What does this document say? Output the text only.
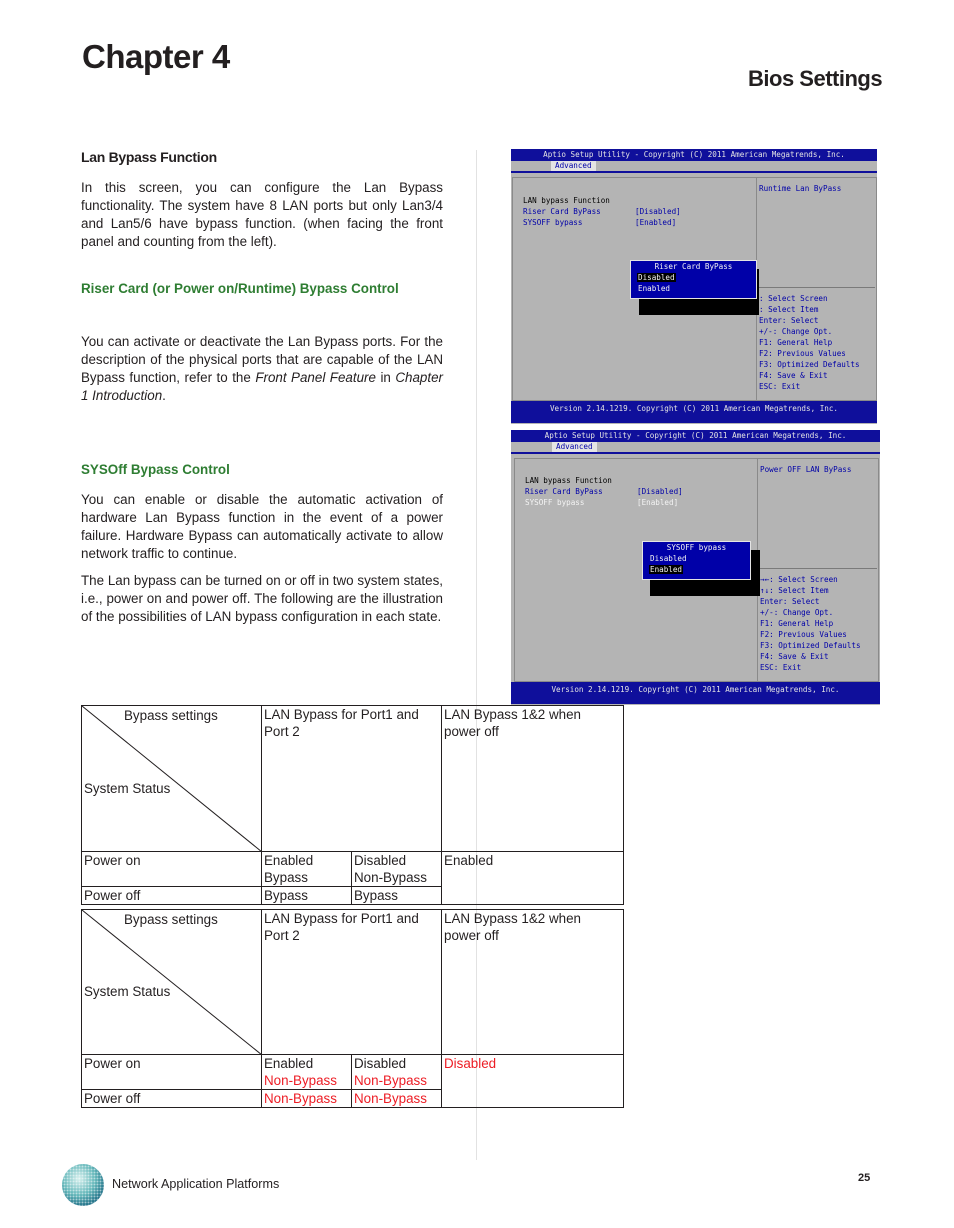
Chapter 4
Bios Settings
Lan Bypass Function
In this screen, you can configure the Lan Bypass functionality. The system have 8 LAN ports but only Lan3/4 and Lan5/6 have bypass function. (when facing the front panel and counting from the left).
Riser Card (or Power on/Runtime) Bypass Control
You can activate or deactivate the Lan Bypass ports. For the description of the physical ports that are capable of the LAN Bypass function, refer to the Front Panel Feature in Chapter 1 Introduction.
SYSOff Bypass Control
You can enable or disable the automatic activation of hardware Lan Bypass function in the event of a power failure. Hardware Bypass can automatically activate to allow network traffic to continue.
The Lan bypass can be turned on or off in two system states, i.e., power on and power off. The following are the illustration of the possibilities of LAN bypass configuration in each state.
Aptio Setup Utility - Copyright (C) 2011 American Megatrends, Inc.
Advanced
LAN bypass Function
Riser Card ByPass	[Disabled]
SYSOFF bypass	[Enabled]
Runtime Lan ByPass
: Select Screen
: Select Item
Enter: Select
+/-: Change Opt.
F1: General Help
F2: Previous Values
F3: Optimized Defaults
F4: Save & Exit
ESC: Exit
Riser Card ByPass
Disabled
Enabled
Version 2.14.1219. Copyright (C) 2011 American Megatrends, Inc.
Aptio Setup Utility - Copyright (C) 2011 American Megatrends, Inc.
Advanced
LAN bypass Function
Riser Card ByPass	[Disabled]
SYSOFF bypass	[Enabled]
Power OFF LAN ByPass
→←: Select Screen
↑↓: Select Item
Enter: Select
+/-: Change Opt.
F1: General Help
F2: Previous Values
F3: Optimized Defaults
F4: Save & Exit
ESC: Exit
SYSOFF bypass
Disabled
Enabled
Version 2.14.1219. Copyright (C) 2011 American Megatrends, Inc.
Bypass settings
System Status	LAN Bypass for Port1 and Port 2		LAN Bypass 1&2 when power off
Power on	Enabled	Disabled	Enabled
	Bypass	Non-Bypass	
Power off	Bypass	Bypass	
Bypass settings
System Status	LAN Bypass for Port1 and Port 2		LAN Bypass 1&2 when power off
Power on	Enabled	Disabled	Disabled
	Non-Bypass	Non-Bypass	
Power off	Non-Bypass	Non-Bypass	
Network Application Platforms	25
